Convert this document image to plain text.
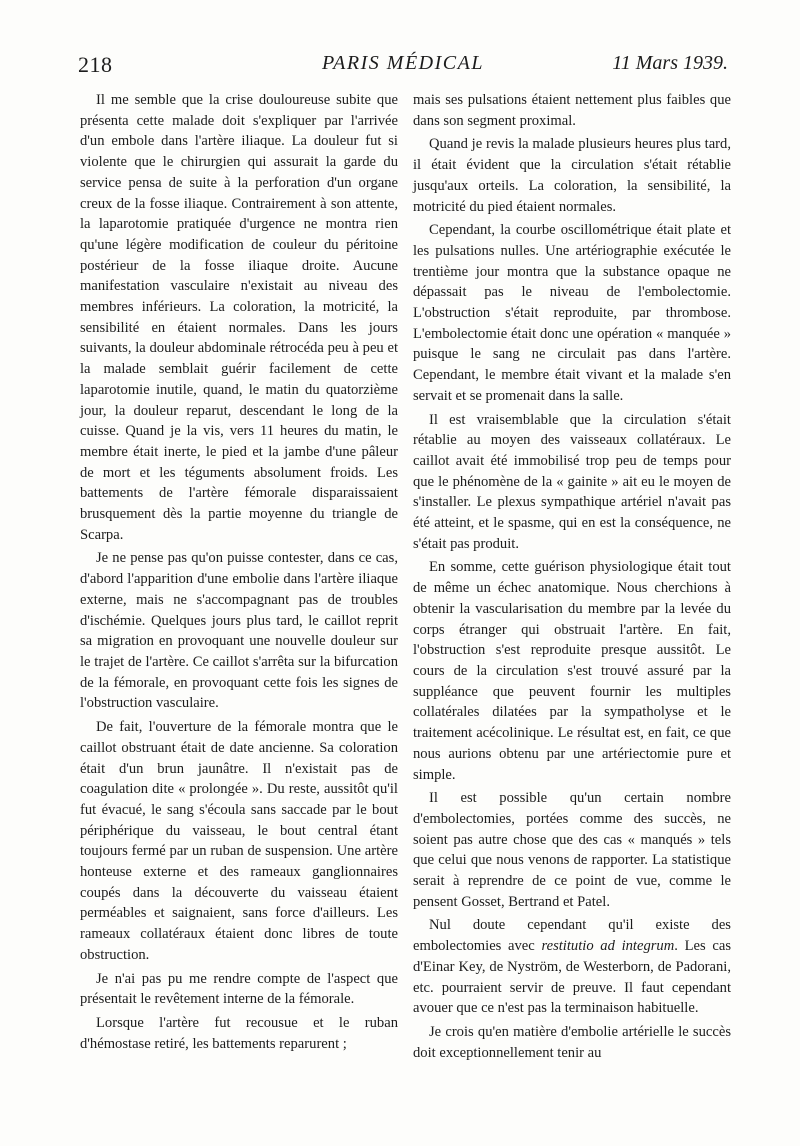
218	PARIS MÉDICAL	11 Mars 1939.

Il me semble que la crise douloureuse subite que présenta cette malade doit s'expliquer par l'arrivée d'un embole dans l'artère iliaque. La douleur fut si violente que le chirurgien qui assurait la garde du service pensa de suite à la perforation d'un organe creux de la fosse iliaque. Contrairement à son attente, la laparotomie pratiquée d'urgence ne montra rien qu'une légère modification de couleur du péritoine postérieur de la fosse iliaque droite. Aucune manifestation vasculaire n'existait au niveau des membres inférieurs. La coloration, la motricité, la sensibilité en étaient normales. Dans les jours suivants, la douleur abdominale rétrocéda peu à peu et la malade semblait guérir facilement de cette laparotomie inutile, quand, le matin du quatorzième jour, la douleur reparut, descendant le long de la cuisse. Quand je la vis, vers 11 heures du matin, le membre était inerte, le pied et la jambe d'une pâleur de mort et les téguments absolument froids. Les battements de l'artère fémorale disparaissaient brusquement dès la partie moyenne du triangle de Scarpa.

Je ne pense pas qu'on puisse contester, dans ce cas, d'abord l'apparition d'une embolie dans l'artère iliaque externe, mais ne s'accompagnant pas de troubles d'ischémie. Quelques jours plus tard, le caillot reprit sa migration en provoquant une nouvelle douleur sur le trajet de l'artère. Ce caillot s'arrêta sur la bifurcation de la fémorale, en provoquant cette fois les signes de l'obstruction vasculaire.

De fait, l'ouverture de la fémorale montra que le caillot obstruant était de date ancienne. Sa coloration était d'un brun jaunâtre. Il n'existait pas de coagulation dite « prolongée ». Du reste, aussitôt qu'il fut évacué, le sang s'écoula sans saccade par le bout périphérique du vaisseau, le bout central étant toujours fermé par un ruban de suspension. Une artère honteuse externe et des rameaux ganglionnaires coupés dans la découverte du vaisseau étaient perméables et saignaient, sans force d'ailleurs. Les rameaux collatéraux étaient donc libres de toute obstruction.

Je n'ai pas pu me rendre compte de l'aspect que présentait le revêtement interne de la fémorale.

Lorsque l'artère fut recousue et le ruban d'hémostase retiré, les battements reparurent ;

mais ses pulsations étaient nettement plus faibles que dans son segment proximal.

Quand je revis la malade plusieurs heures plus tard, il était évident que la circulation s'était rétablie jusqu'aux orteils. La coloration, la sensibilité, la motricité du pied étaient normales.

Cependant, la courbe oscillométrique était plate et les pulsations nulles. Une artériographie exécutée le trentième jour montra que la substance opaque ne dépassait pas le niveau de l'embolectomie. L'obstruction s'était reproduite, par thrombose. L'embolectomie était donc une opération « manquée » puisque le sang ne circulait pas dans l'artère. Cependant, le membre était vivant et la malade s'en servait et se promenait dans la salle.

Il est vraisemblable que la circulation s'était rétablie au moyen des vaisseaux collatéraux. Le caillot avait été immobilisé trop peu de temps pour que le phénomène de la « gainite » ait eu le moyen de s'installer. Le plexus sympathique artériel n'avait pas été atteint, et le spasme, qui en est la conséquence, ne s'était pas produit.

En somme, cette guérison physiologique était tout de même un échec anatomique. Nous cherchions à obtenir la vascularisation du membre par la levée du corps étranger qui obstruait l'artère. En fait, l'obstruction s'est reproduite presque aussitôt. Le cours de la circulation s'est trouvé assuré par la suppléance que peuvent fournir les multiples collatérales dilatées par la sympatholyse et le traitement acécolinique. Le résultat est, en fait, ce que nous aurions obtenu par une artériectomie pure et simple.

Il est possible qu'un certain nombre d'embolectomies, portées comme des succès, ne soient pas autre chose que des cas « manqués » tels que celui que nous venons de rapporter. La statistique serait à reprendre de ce point de vue, comme le pensent Gosset, Bertrand et Patel.

Nul doute cependant qu'il existe des embolectomies avec restitutio ad integrum. Les cas d'Einar Key, de Nyström, de Westerborn, de Padorani, etc. pourraient servir de preuve. Il faut cependant avouer que ce n'est pas la terminaison habituelle.

Je crois qu'en matière d'embolie artérielle le succès doit exceptionnellement tenir au
